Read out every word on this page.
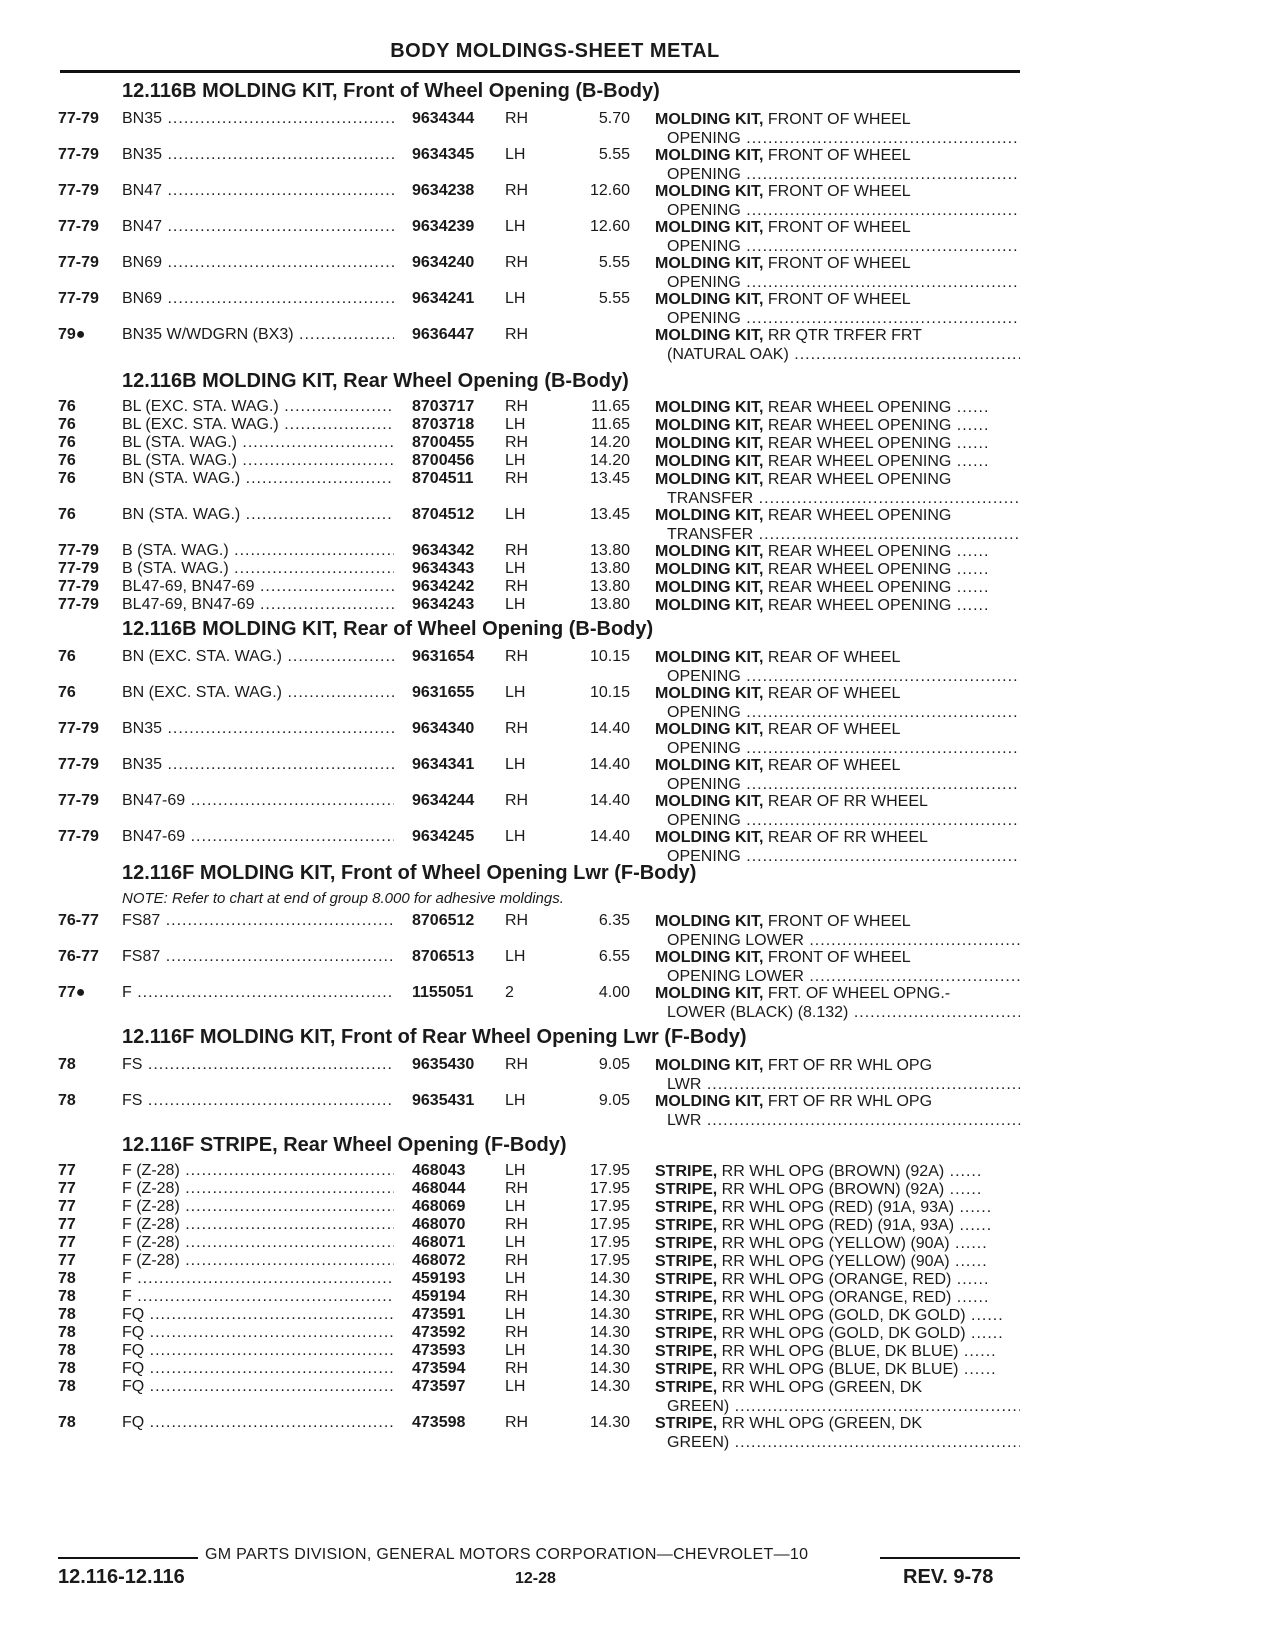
BODY MOLDINGS-SHEET METAL
12.116B MOLDING KIT, Front of Wheel Opening (B-Body)
77-79 BN35 .....	9634344 RH	5.70 MOLDING KIT, FRONT OF WHEEL
OPENING .....
77-79 BN35 .....	9634345 LH	5.55 MOLDING KIT, FRONT OF WHEEL
OPENING .....
77-79 BN47 .....	9634238 RH	12.60 MOLDING KIT, FRONT OF WHEEL
OPENING .....
77-79 BN47 .....	9634239 LH	12.60 MOLDING KIT, FRONT OF WHEEL
OPENING .....
77-79 BN69 .....	9634240 RH	5.55 MOLDING KIT, FRONT OF WHEEL
OPENING .....
77-79 BN69 .....	9634241 LH	5.55 MOLDING KIT, FRONT OF WHEEL
OPENING .....
79● BN35 W/WDGRN (BX3) .....	9636447 RH	MOLDING KIT, RR QTR TRFER FRT
(NATURAL OAK) .....
12.116B MOLDING KIT, Rear Wheel Opening (B-Body)
76	BL (EXC. STA. WAG.) .....	8703717 RH	11.65 MOLDING KIT, REAR WHEEL OPENING ......
76	BL (EXC. STA. WAG.) .....	8703718 LH	11.65 MOLDING KIT, REAR WHEEL OPENING ......
76	BL (STA. WAG.) .....	8700455 RH	14.20 MOLDING KIT, REAR WHEEL OPENING ......
76	BL (STA. WAG.) .....	8700456 LH	14.20 MOLDING KIT, REAR WHEEL OPENING ......
76	BN (STA. WAG.) .....	8704511 RH	13.45 MOLDING KIT, REAR WHEEL OPENING
TRANSFER .....
76	BN (STA. WAG.) .....	8704512 LH	13.45 MOLDING KIT, REAR WHEEL OPENING
TRANSFER .....
77-79 B (STA. WAG.) .....	9634342 RH	13.80 MOLDING KIT, REAR WHEEL OPENING ......
77-79 B (STA. WAG.) .....	9634343 LH	13.80 MOLDING KIT, REAR WHEEL OPENING ......
77-79 BL47-69, BN47-69 .....	9634242 RH	13.80 MOLDING KIT, REAR WHEEL OPENING ......
77-79 BL47-69, BN47-69 .....	9634243 LH	13.80 MOLDING KIT, REAR WHEEL OPENING ......
12.116B MOLDING KIT, Rear of Wheel Opening (B-Body)
76	BN (EXC. STA. WAG.) .....	9631654 RH	10.15 MOLDING KIT, REAR OF WHEEL
OPENING .....
76	BN (EXC. STA. WAG.) .....	9631655 LH	10.15 MOLDING KIT, REAR OF WHEEL
OPENING .....
77-79 BN35 .....	9634340 RH	14.40 MOLDING KIT, REAR OF WHEEL
OPENING .....
77-79 BN35 .....	9634341 LH	14.40 MOLDING KIT, REAR OF WHEEL
OPENING .....
77-79 BN47-69 .....	9634244 RH	14.40 MOLDING KIT, REAR OF RR WHEEL
OPENING .....
77-79 BN47-69 .....	9634245 LH	14.40 MOLDING KIT, REAR OF RR WHEEL
OPENING .....
12.116F MOLDING KIT, Front of Wheel Opening Lwr (F-Body)
NOTE: Refer to chart at end of group 8.000 for adhesive moldings.
76-77 FS87 .....	8706512 RH	6.35 MOLDING KIT, FRONT OF WHEEL
OPENING LOWER .....
76-77 FS87 .....	8706513 LH	6.55 MOLDING KIT, FRONT OF WHEEL
OPENING LOWER .....
77● F .....	1155051 2	4.00 MOLDING KIT, FRT. OF WHEEL OPNG.-
LOWER (BLACK) (8.132) .....
12.116F MOLDING KIT, Front of Rear Wheel Opening Lwr (F-Body)
78	FS .....	9635430 RH	9.05 MOLDING KIT, FRT OF RR WHL OPG
LWR .....
78	FS .....	9635431 LH	9.05 MOLDING KIT, FRT OF RR WHL OPG
LWR .....
12.116F STRIPE, Rear Wheel Opening (F-Body)
77	F (Z-28) .....	468043 LH	17.95 STRIPE, RR WHL OPG (BROWN) (92A) ......
77	F (Z-28) .....	468044 RH	17.95 STRIPE, RR WHL OPG (BROWN) (92A) ......
77	F (Z-28) .....	468069 LH	17.95 STRIPE, RR WHL OPG (RED) (91A, 93A) ......
77	F (Z-28) .....	468070 RH	17.95 STRIPE, RR WHL OPG (RED) (91A, 93A) ......
77	F (Z-28) .....	468071 LH	17.95 STRIPE, RR WHL OPG (YELLOW) (90A) ......
77	F (Z-28) .....	468072 RH	17.95 STRIPE, RR WHL OPG (YELLOW) (90A) ......
78	F .....	459193 LH	14.30 STRIPE, RR WHL OPG (ORANGE, RED) ......
78	F .....	459194 RH	14.30 STRIPE, RR WHL OPG (ORANGE, RED) ......
78	FQ .....	473591 LH	14.30 STRIPE, RR WHL OPG (GOLD, DK GOLD) ......
78	FQ .....	473592 RH	14.30 STRIPE, RR WHL OPG (GOLD, DK GOLD) ......
78	FQ .....	473593 LH	14.30 STRIPE, RR WHL OPG (BLUE, DK BLUE) ......
78	FQ .....	473594 RH	14.30 STRIPE, RR WHL OPG (BLUE, DK BLUE) ......
78	FQ .....	473597 LH	14.30 STRIPE, RR WHL OPG (GREEN, DK
GREEN) .....
78	FQ .....	473598 RH	14.30 STRIPE, RR WHL OPG (GREEN, DK
GREEN) .....
GM PARTS DIVISION, GENERAL MOTORS CORPORATION—CHEVROLET—10
12.116-12.116	12-28	REV. 9-78
